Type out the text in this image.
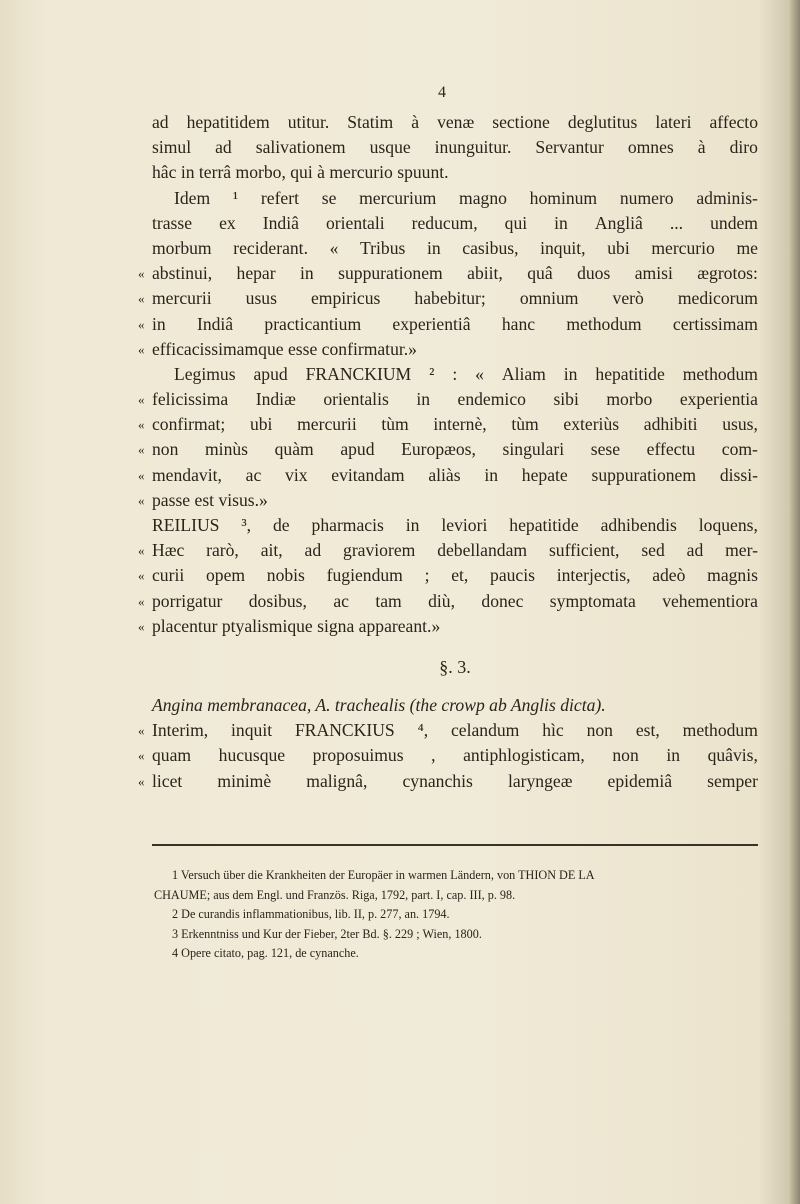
4
ad hepatitidem utitur. Statim à venæ sectione deglutitus lateri affecto
simul ad salivationem usque inunguitur. Servantur omnes à diro
hâc in terrâ morbo, qui à mercurio spuunt.
Idem ¹ refert se mercurium magno hominum numero adminis-
trasse ex Indiâ orientali reducum, qui in Angliâ ... undem
morbum reciderant. « Tribus in casibus, inquit, ubi mercurio me
« abstinui, hepar in suppurationem abiit, quâ duos amisi ægrotos:
« mercurii usus empiricus habebitur; omnium verò medicorum
« in Indiâ practicantium experientiâ hanc methodum certissimam
« efficacissimamque esse confirmatur.»
Legimus apud FRANCKIUM ² : « Aliam in hepatitide methodum
« felicissima Indiæ orientalis in endemico sibi morbo experientia
« confirmat; ubi mercurii tùm internè, tùm exteriùs adhibiti usus,
« non minùs quàm apud Europæos, singulari sese effectu com-
« mendavit, ac vix evitandam aliàs in hepate suppurationem dissi-
« passe est visus.»
REILIUS ³, de pharmacis in leviori hepatitide adhibendis loquens,
« Hæc rarò, ait, ad graviorem debellandam sufficient, sed ad mer-
« curii opem nobis fugiendum ; et, paucis interjectis, adeò magnis
« porrigatur dosibus, ac tam diù, donec symptomata vehementiora
« placentur ptyalismique signa appareant.»
§. 3.
Angina membranacea, A. trachealis (the crowp ab Anglis dicta).
« Interim, inquit FRANCKIUS ⁴, celandum hìc non est, methodum
« quam hucusque proposuimus , antiphlogisticam, non in quâvis,
« licet minimè malignâ, cynanchis laryngeæ epidemiâ semper
1 Versuch über die Krankheiten der Europäer in warmen Ländern, von THION DE LA
CHAUME; aus dem Engl. und Französ. Riga, 1792, part. I, cap. III, p. 98.
2 De curandis inflammationibus, lib. II, p. 277, an. 1794.
3 Erkenntniss und Kur der Fieber, 2ter Bd. §. 229 ; Wien, 1800.
4 Opere citato, pag. 121, de cynanche.
